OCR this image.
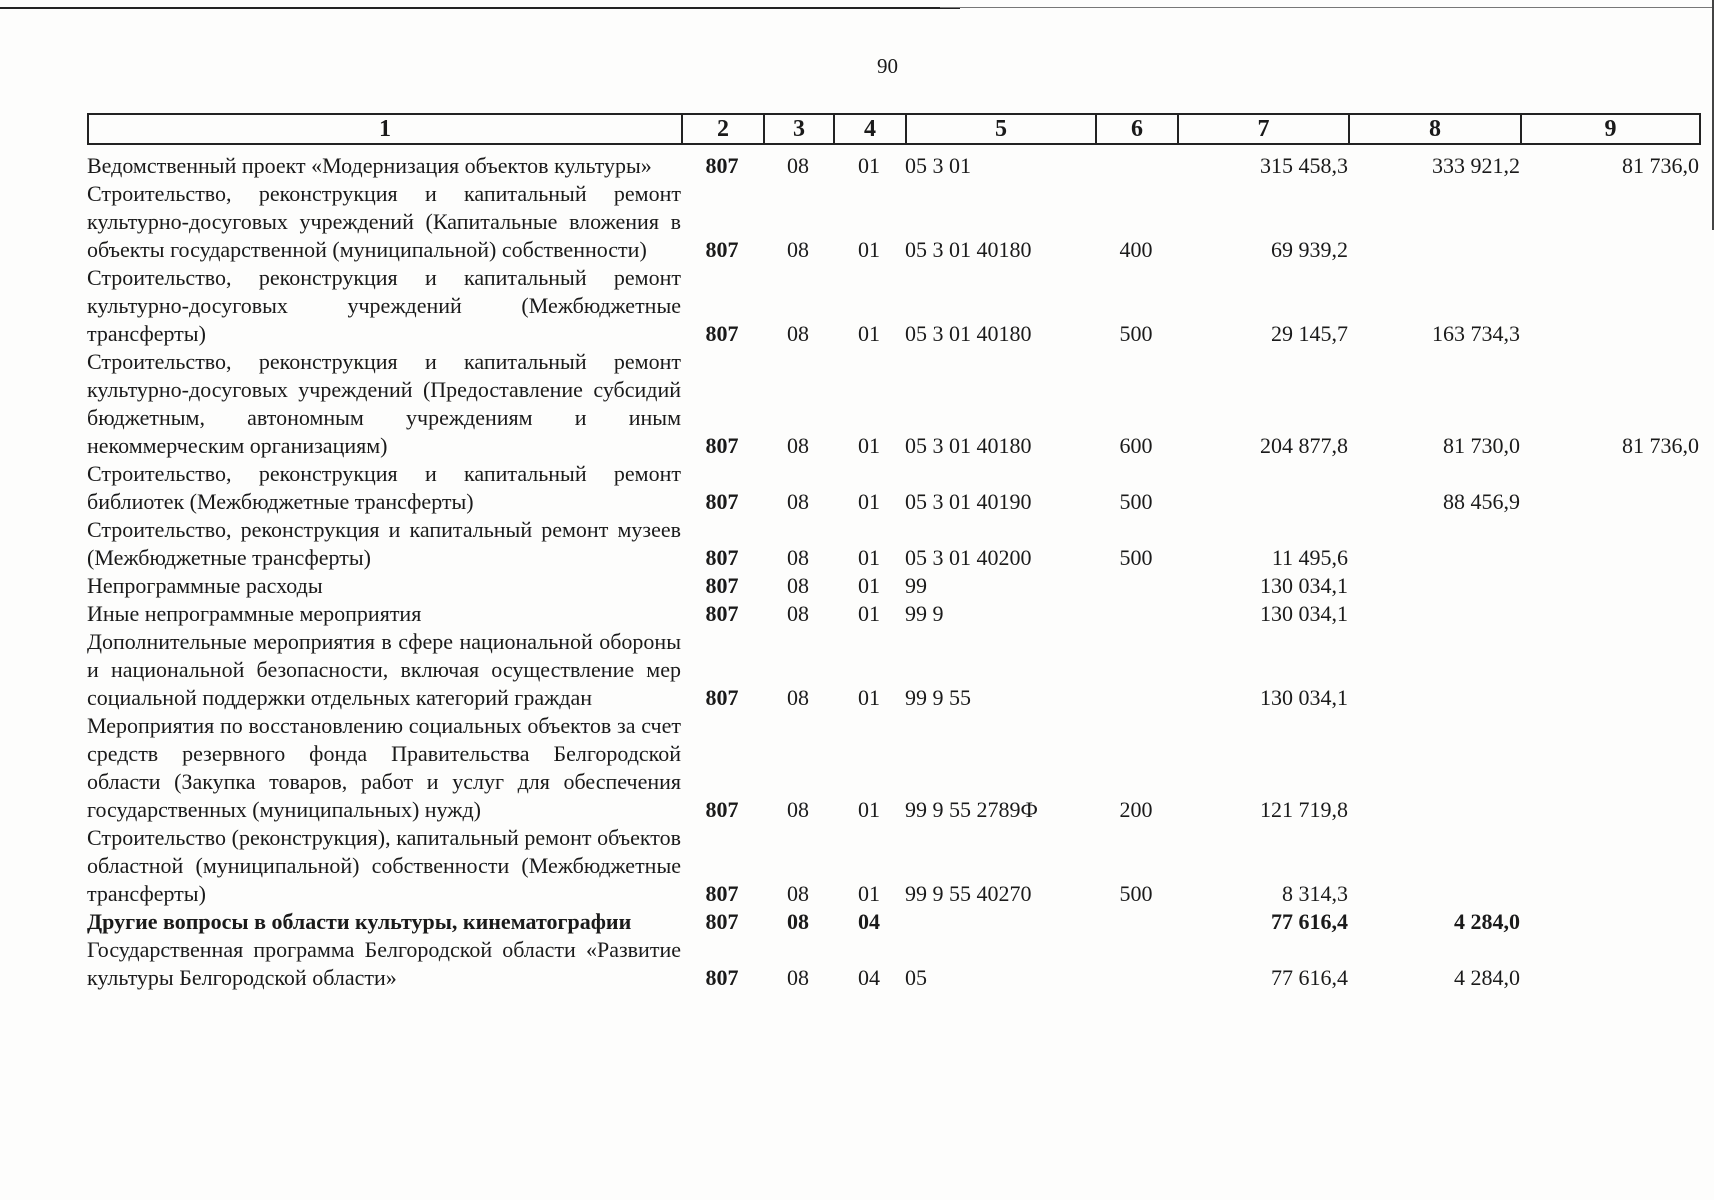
90
1	2	3	4	5	6	7	8	9
Ведомственный проект «Модернизация объектов культуры»	807	08	01	05 3 01		315 458,3	333 921,2	81 736,0
Строительство, реконструкция и капитальный ремонт культурно-досуговых учреждений (Капитальные вложения в объекты государственной (муниципальной) собственности)	807	08	01	05 3 01 40180	400	69 939,2		
Строительство, реконструкция и капитальный ремонт культурно-досуговых учреждений (Межбюджетные трансферты)	807	08	01	05 3 01 40180	500	29 145,7	163 734,3	
Строительство, реконструкция и капитальный ремонт культурно-досуговых учреждений (Предоставление субсидий бюджетным, автономным учреждениям и иным некоммерческим организациям)	807	08	01	05 3 01 40180	600	204 877,8	81 730,0	81 736,0
Строительство, реконструкция и капитальный ремонт библиотек (Межбюджетные трансферты)	807	08	01	05 3 01 40190	500		88 456,9	
Строительство, реконструкция и капитальный ремонт музеев (Межбюджетные трансферты)	807	08	01	05 3 01 40200	500	11 495,6		
Непрограммные расходы	807	08	01	99		130 034,1		
Иные непрограммные мероприятия	807	08	01	99 9		130 034,1		
Дополнительные мероприятия в сфере национальной обороны и национальной безопасности, включая осуществление мер социальной поддержки отдельных категорий граждан	807	08	01	99 9 55		130 034,1		
Мероприятия по восстановлению социальных объектов за счет средств резервного фонда Правительства Белгородской области (Закупка товаров, работ и услуг для обеспечения государственных (муниципальных) нужд)	807	08	01	99 9 55 2789Ф	200	121 719,8		
Строительство (реконструкция), капитальный ремонт объектов областной (муниципальной) собственности (Межбюджетные трансферты)	807	08	01	99 9 55 40270	500	8 314,3		
Другие вопросы в области культуры, кинематографии	807	08	04			77 616,4	4 284,0	
Государственная программа Белгородской области «Развитие культуры Белгородской области»	807	08	04	05		77 616,4	4 284,0	
